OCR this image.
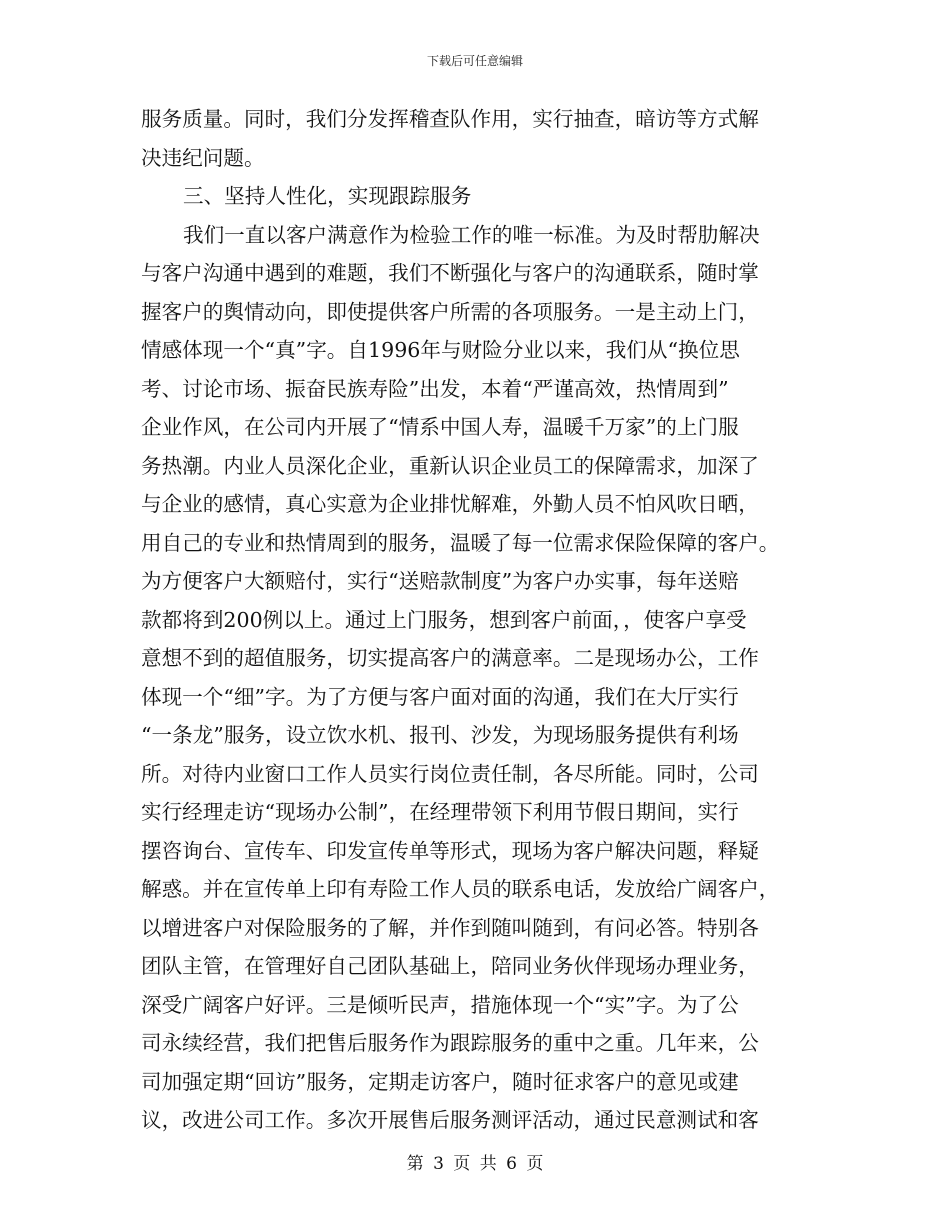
下载后可任意编辑
服务质量。同时，我们分发挥稽查队作用，实行抽查，暗访等方式解
决违纪问题。
三、坚持人性化，实现跟踪服务
我们一直以客户满意作为检验工作的唯一标准。为及时帮肋解决
与客户沟通中遇到的难题，我们不断强化与客户的沟通联系，随时掌
握客户的舆情动向，即使提供客户所需的各项服务。一是主动上门，
情感体现一个“真”字。自1996年与财险分业以来，我们从“换位思
考、讨论市场、振奋民族寿险”出发，本着“严谨高效，热情周到”
企业作风，在公司内开展了“情系中国人寿，温暖千万家”的上门服
务热潮。内业人员深化企业，重新认识企业员工的保障需求，加深了
与企业的感情，真心实意为企业排忧解难，外勤人员不怕风吹日晒，
用自己的专业和热情周到的服务，温暖了每一位需求保险保障的客户。
为方便客户大额赔付，实行“送赔款制度”为客户办实事，每年送赔
款都将到200例以上。通过上门服务，想到客户前面，，使客户享受
意想不到的超值服务，切实提高客户的满意率。二是现场办公，工作
体现一个“细”字。为了方便与客户面对面的沟通，我们在大厅实行
“一条龙”服务，设立饮水机、报刊、沙发，为现场服务提供有利场
所。对待内业窗口工作人员实行岗位责任制，各尽所能。同时，公司
实行经理走访“现场办公制”，在经理带领下利用节假日期间，实行
摆咨询台、宣传车、印发宣传单等形式，现场为客户解决问题，释疑
解惑。并在宣传单上印有寿险工作人员的联系电话，发放给广阔客户，
以增进客户对保险服务的了解，并作到随叫随到，有问必答。特别各
团队主管，在管理好自己团队基础上，陪同业务伙伴现场办理业务，
深受广阔客户好评。三是倾听民声，措施体现一个“实”字。为了公
司永续经营，我们把售后服务作为跟踪服务的重中之重。几年来，公
司加强定期“回访”服务，定期走访客户，随时征求客户的意见或建
议，改进公司工作。多次开展售后服务测评活动，通过民意测试和客
第 3 页 共 6 页
